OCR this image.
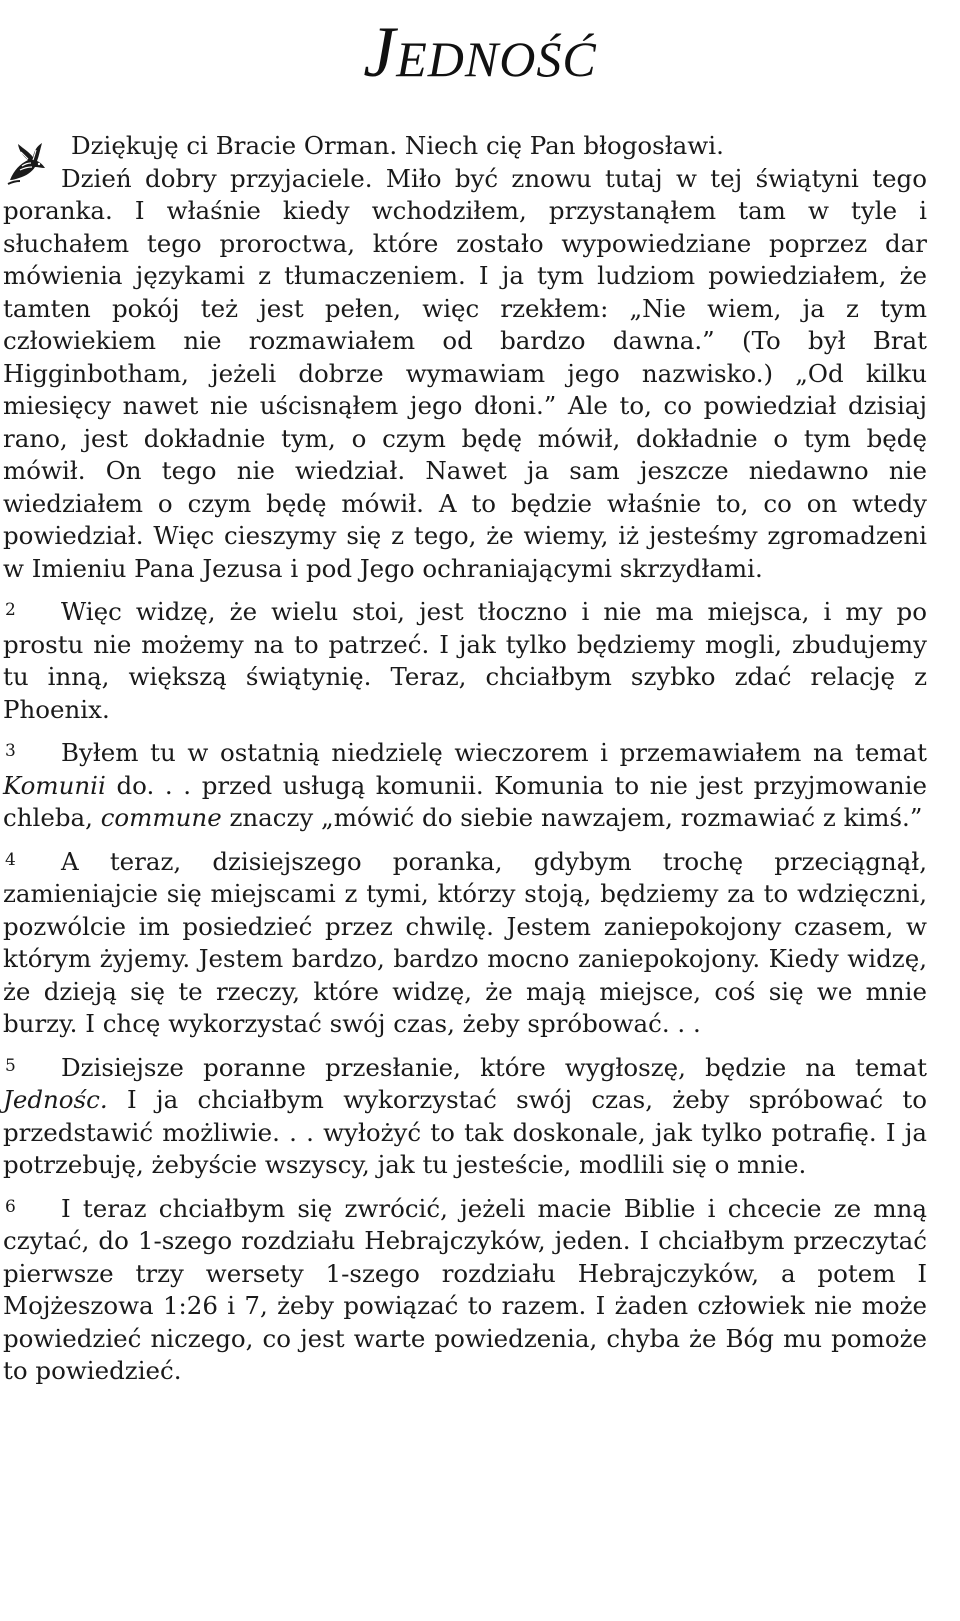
Jedność

Dziękuję ci Bracie Orman. Niech cię Pan błogosławi.

Dzień dobry przyjaciele. Miło być znowu tutaj w tej świątyni tego poranka. I właśnie kiedy wchodziłem, przystanąłem tam w tyle i słuchałem tego proroctwa, które zostało wypowiedziane poprzez dar mówienia językami z tłumaczeniem. I ja tym ludziom powiedziałem, że tamten pokój też jest pełen, więc rzekłem: „Nie wiem, ja z tym człowiekiem nie rozmawiałem od bardzo dawna.” (To był Brat Higginbotham, jeżeli dobrze wymawiam jego nazwisko.) „Od kilku miesięcy nawet nie uścisnąłem jego dłoni.” Ale to, co powiedział dzisiaj rano, jest dokładnie tym, o czym będę mówił, dokładnie o tym będę mówił. On tego nie wiedział. Nawet ja sam jeszcze niedawno nie wiedziałem o czym będę mówił. A to będzie właśnie to, co on wtedy powiedział. Więc cieszymy się z tego, że wiemy, iż jesteśmy zgromadzeni w Imieniu Pana Jezusa i pod Jego ochraniającymi skrzydłami.

2 Więc widzę, że wielu stoi, jest tłoczno i nie ma miejsca, i my po prostu nie możemy na to patrzeć. I jak tylko będziemy mogli, zbudujemy tu inną, większą świątynię. Teraz, chciałbym szybko zdać relację z Phoenix.

3 Byłem tu w ostatnią niedzielę wieczorem i przemawiałem na temat Komunii do. . . przed usługą komunii. Komunia to nie jest przyjmowanie chleba, commune znaczy „mówić do siebie nawzajem, rozmawiać z kimś.”

4 A teraz, dzisiejszego poranka, gdybym trochę przeciągnął, zamieniajcie się miejscami z tymi, którzy stoją, będziemy za to wdzięczni, pozwólcie im posiedzieć przez chwilę. Jestem zaniepokojony czasem, w którym żyjemy. Jestem bardzo, bardzo mocno zaniepokojony. Kiedy widzę, że dzieją się te rzeczy, które widzę, że mają miejsce, coś się we mnie burzy. I chcę wykorzystać swój czas, żeby spróbować. . .

5 Dzisiejsze poranne przesłanie, które wygłoszę, będzie na temat Jednośc. I ja chciałbym wykorzystać swój czas, żeby spróbować to przedstawić możliwie. . . wyłożyć to tak doskonale, jak tylko potrafię. I ja potrzebuję, żebyście wszyscy, jak tu jesteście, modlili się o mnie.

6 I teraz chciałbym się zwrócić, jeżeli macie Biblie i chcecie ze mną czytać, do 1-szego rozdziału Hebrajczyków, jeden. I chciałbym przeczytać pierwsze trzy wersety 1-szego rozdziału Hebrajczyków, a potem I Mojżeszowa 1:26 i 7, żeby powiązać to razem. I żaden człowiek nie może powiedzieć niczego, co jest warte powiedzenia, chyba że Bóg mu pomoże to powiedzieć.
